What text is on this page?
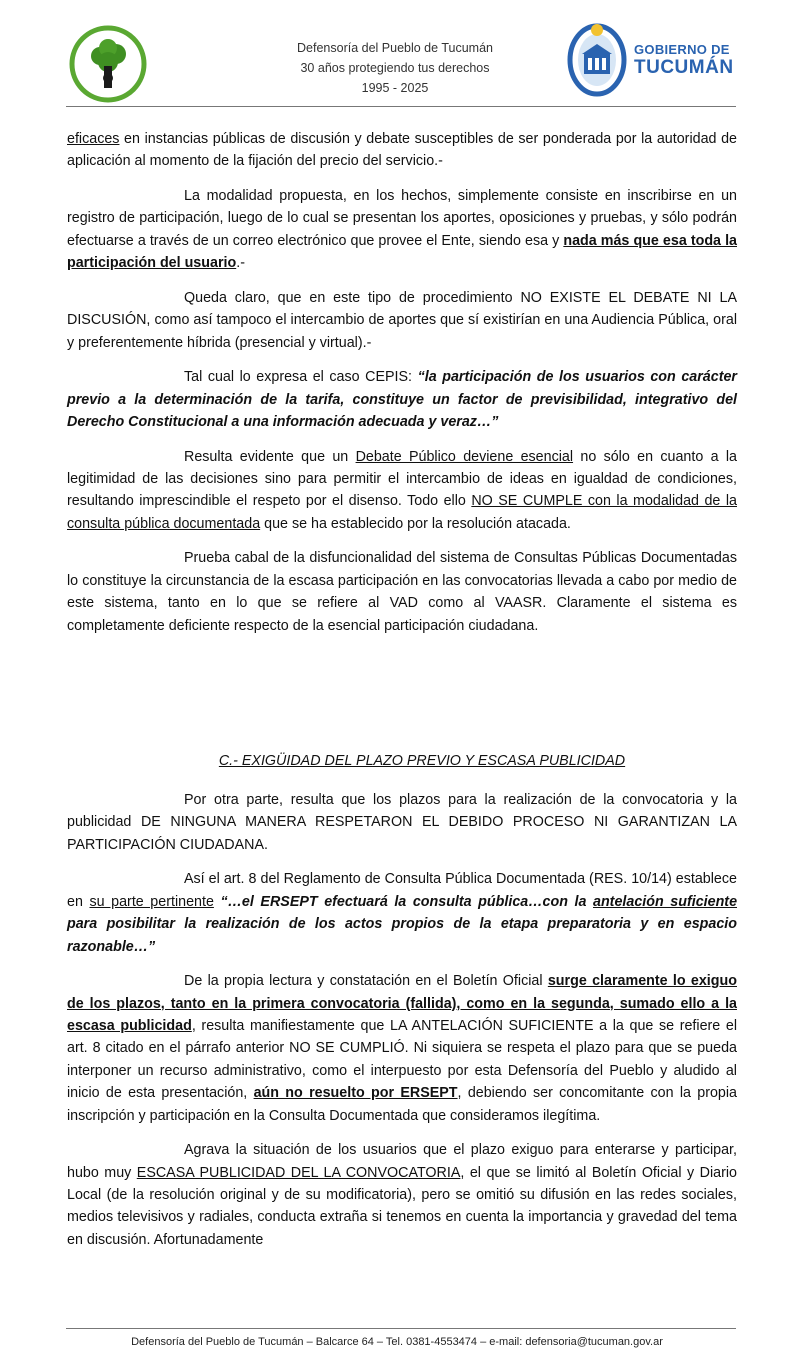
Defensoría del Pueblo de Tucumán
30 años protegiendo tus derechos
1995 - 2025
GOBIERNO DE
TUCUMÁN

eficaces en instancias públicas de discusión y debate susceptibles de ser ponderada por la autoridad de aplicación al momento de la fijación del precio del servicio.-

La modalidad propuesta, en los hechos, simplemente consiste en inscribirse en un registro de participación, luego de lo cual se presentan los aportes, oposiciones y pruebas, y sólo podrán efectuarse a través de un correo electrónico que provee el Ente, siendo esa y nada más que esa toda la participación del usuario.-

Queda claro, que en este tipo de procedimiento NO EXISTE EL DEBATE NI LA DISCUSIÓN, como así tampoco el intercambio de aportes que sí existirían en una Audiencia Pública, oral y preferentemente híbrida (presencial y virtual).-

Tal cual lo expresa el caso CEPIS: “la participación de los usuarios con carácter previo a la determinación de la tarifa, constituye un factor de previsibilidad, integrativo del Derecho Constitucional a una información adecuada y veraz…”

Resulta evidente que un Debate Público deviene esencial no sólo en cuanto a la legitimidad de las decisiones sino para permitir el intercambio de ideas en igualdad de condiciones, resultando imprescindible el respeto por el disenso. Todo ello NO SE CUMPLE con la modalidad de la consulta pública documentada que se ha establecido por la resolución atacada.

Prueba cabal de la disfuncionalidad del sistema de Consultas Públicas Documentadas lo constituye la circunstancia de la escasa participación en las convocatorias llevada a cabo por medio de este sistema, tanto en lo que se refiere al VAD como al VAASR. Claramente el sistema es completamente deficiente respecto de la esencial participación ciudadana.

C.- EXIGÜIDAD DEL PLAZO PREVIO Y ESCASA PUBLICIDAD

Por otra parte, resulta que los plazos para la realización de la convocatoria y la publicidad DE NINGUNA MANERA RESPETARON EL DEBIDO PROCESO NI GARANTIZAN LA PARTICIPACIÓN CIUDADANA.

Así el art. 8 del Reglamento de Consulta Pública Documentada (RES. 10/14) establece en su parte pertinente “…el ERSEPT efectuará la consulta pública…con la antelación suficiente para posibilitar la realización de los actos propios de la etapa preparatoria y en espacio razonable…”

De la propia lectura y constatación en el Boletín Oficial surge claramente lo exiguo de los plazos, tanto en la primera convocatoria (fallida), como en la segunda, sumado ello a la escasa publicidad, resulta manifiestamente que LA ANTELACIÓN SUFICIENTE a la que se refiere el art. 8 citado en el párrafo anterior NO SE CUMPLIÓ. Ni siquiera se respeta el plazo para que se pueda interponer un recurso administrativo, como el interpuesto por esta Defensoría del Pueblo y aludido al inicio de esta presentación, aún no resuelto por ERSEPT, debiendo ser concomitante con la propia inscripción y participación en la Consulta Documentada que consideramos ilegítima.

Agrava la situación de los usuarios que el plazo exiguo para enterarse y participar, hubo muy ESCASA PUBLICIDAD DEL LA CONVOCATORIA, el que se limitó al Boletín Oficial y Diario Local (de la resolución original y de su modificatoria), pero se omitió su difusión en las redes sociales, medios televisivos y radiales, conducta extraña si tenemos en cuenta la importancia y gravedad del tema en discusión. Afortunadamente

Defensoría del Pueblo de Tucumán – Balcarce 64 – Tel. 0381-4553474 – e-mail: defensoria@tucuman.gov.ar
